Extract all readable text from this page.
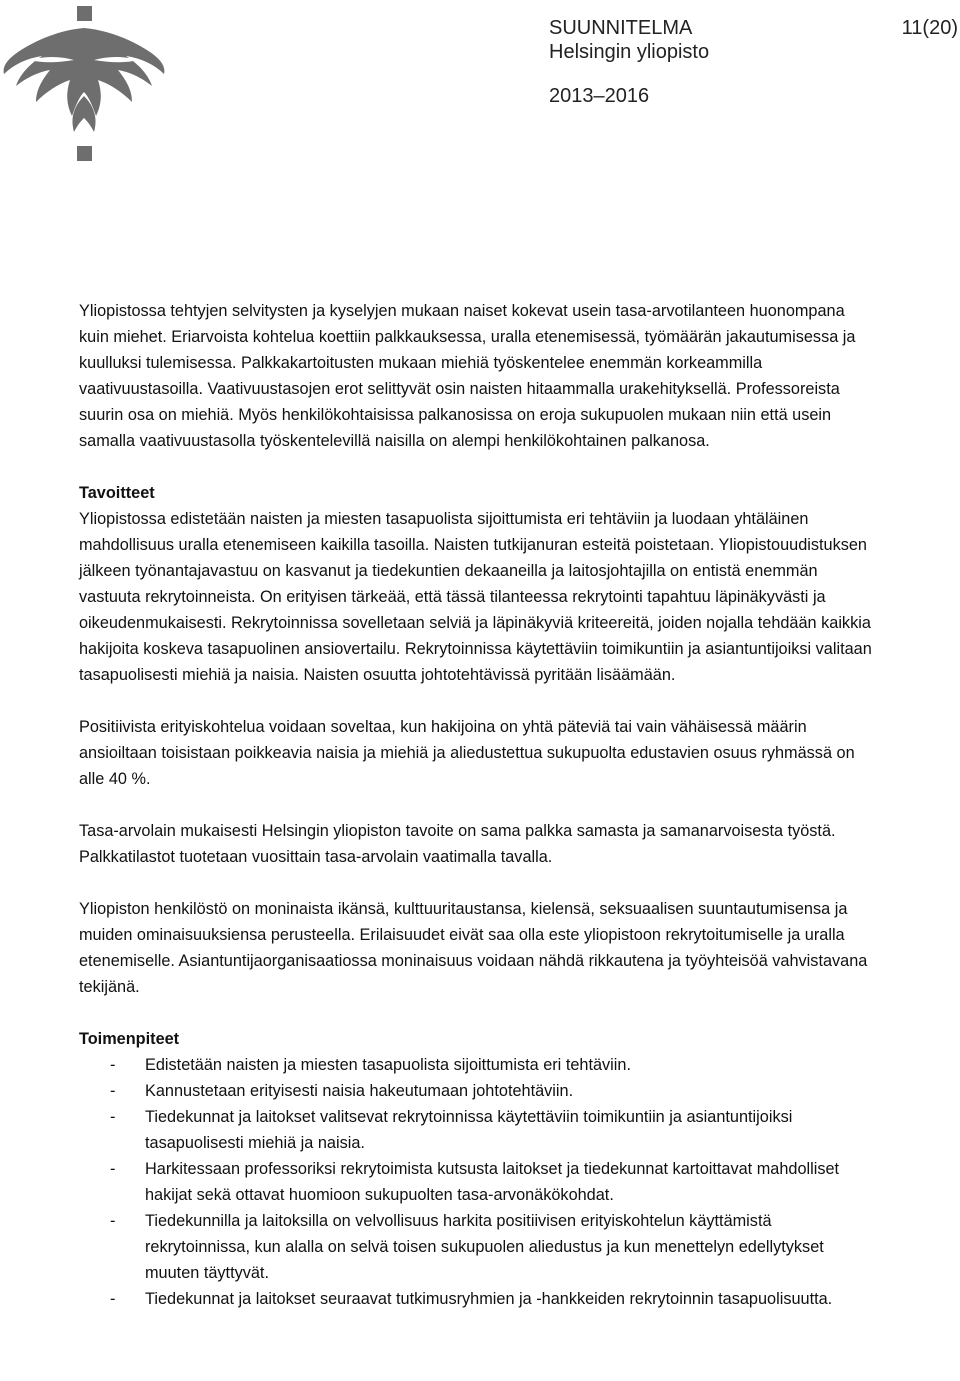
SUUNNITELMA
Helsingin yliopisto
2013–2016
11(20)

Yliopistossa tehtyjen selvitysten ja kyselyjen mukaan naiset kokevat usein tasa-arvotilanteen huonompana kuin miehet. Eriarvoista kohtelua koettiin palkkauksessa, uralla etenemisessä, työmäärän jakautumisessa ja kuulluksi tulemisessa. Palkkakartoitusten mukaan miehiä työskentelee enemmän korkeammilla vaativuustasoilla. Vaativuustasojen erot selittyvät osin naisten hitaammalla urakehityksellä. Professoreista suurin osa on miehiä. Myös henkilökohtaisissa palkanosissa on eroja sukupuolen mukaan niin että usein samalla vaativuustasolla työskentelevillä naisilla on alempi henkilökohtainen palkanosa.

Tavoitteet

Yliopistossa edistetään naisten ja miesten tasapuolista sijoittumista eri tehtäviin ja luodaan yhtäläinen mahdollisuus uralla etenemiseen kaikilla tasoilla. Naisten tutkijanuran esteitä poistetaan. Yliopistouudistuksen jälkeen työnantajavastuu on kasvanut ja tiedekuntien dekaaneilla ja laitosjohtajilla on entistä enemmän vastuuta rekrytoinneista. On erityisen tärkeää, että tässä tilanteessa rekrytointi tapahtuu läpinäkyvästi ja oikeudenmukaisesti. Rekrytoinnissa sovelletaan selviä ja läpinäkyviä kriteereitä, joiden nojalla tehdään kaikkia hakijoita koskeva tasapuolinen ansiovertailu. Rekrytoinnissa käytettäviin toimikuntiin ja asiantuntijoiksi valitaan tasapuolisesti miehiä ja naisia. Naisten osuutta johtotehtävissä pyritään lisäämään.

Positiivista erityiskohtelua voidaan soveltaa, kun hakijoina on yhtä päteviä tai vain vähäisessä määrin ansioiltaan toisistaan poikkeavia naisia ja miehiä ja aliedustettua sukupuolta edustavien osuus ryhmässä on alle 40 %.

Tasa-arvolain mukaisesti Helsingin yliopiston tavoite on sama palkka samasta ja samanarvoisesta työstä. Palkkatilastot tuotetaan vuosittain tasa-arvolain vaatimalla tavalla.

Yliopiston henkilöstö on moninaista ikänsä, kulttuuritaustansa, kielensä, seksuaalisen suuntautumisensa ja muiden ominaisuuksiensa perusteella. Erilaisuudet eivät saa olla este yliopistoon rekrytoitumiselle ja uralla etenemiselle. Asiantuntijaorganisaatiossa moninaisuus voidaan nähdä rikkautena ja työyhteisöä vahvistavana tekijänä.

Toimenpiteet

- Edistetään naisten ja miesten tasapuolista sijoittumista eri tehtäviin.
- Kannustetaan erityisesti naisia hakeutumaan johtotehtäviin.
- Tiedekunnat ja laitokset valitsevat rekrytoinnissa käytettäviin toimikuntiin ja asiantuntijoiksi tasapuolisesti miehiä ja naisia.
- Harkitessaan professoriksi rekrytoimista kutsusta laitokset ja tiedekunnat kartoittavat mahdolliset hakijat sekä ottavat huomioon sukupuolten tasa-arvonäkökohdat.
- Tiedekunnilla ja laitoksilla on velvollisuus harkita positiivisen erityiskohtelun käyttämistä rekrytoinnissa, kun alalla on selvä toisen sukupuolen aliedustus ja kun menettelyn edellytykset muuten täyttyvät.
- Tiedekunnat ja laitokset seuraavat tutkimusryhmien ja -hankkeiden rekrytoinnin tasapuolisuutta.
